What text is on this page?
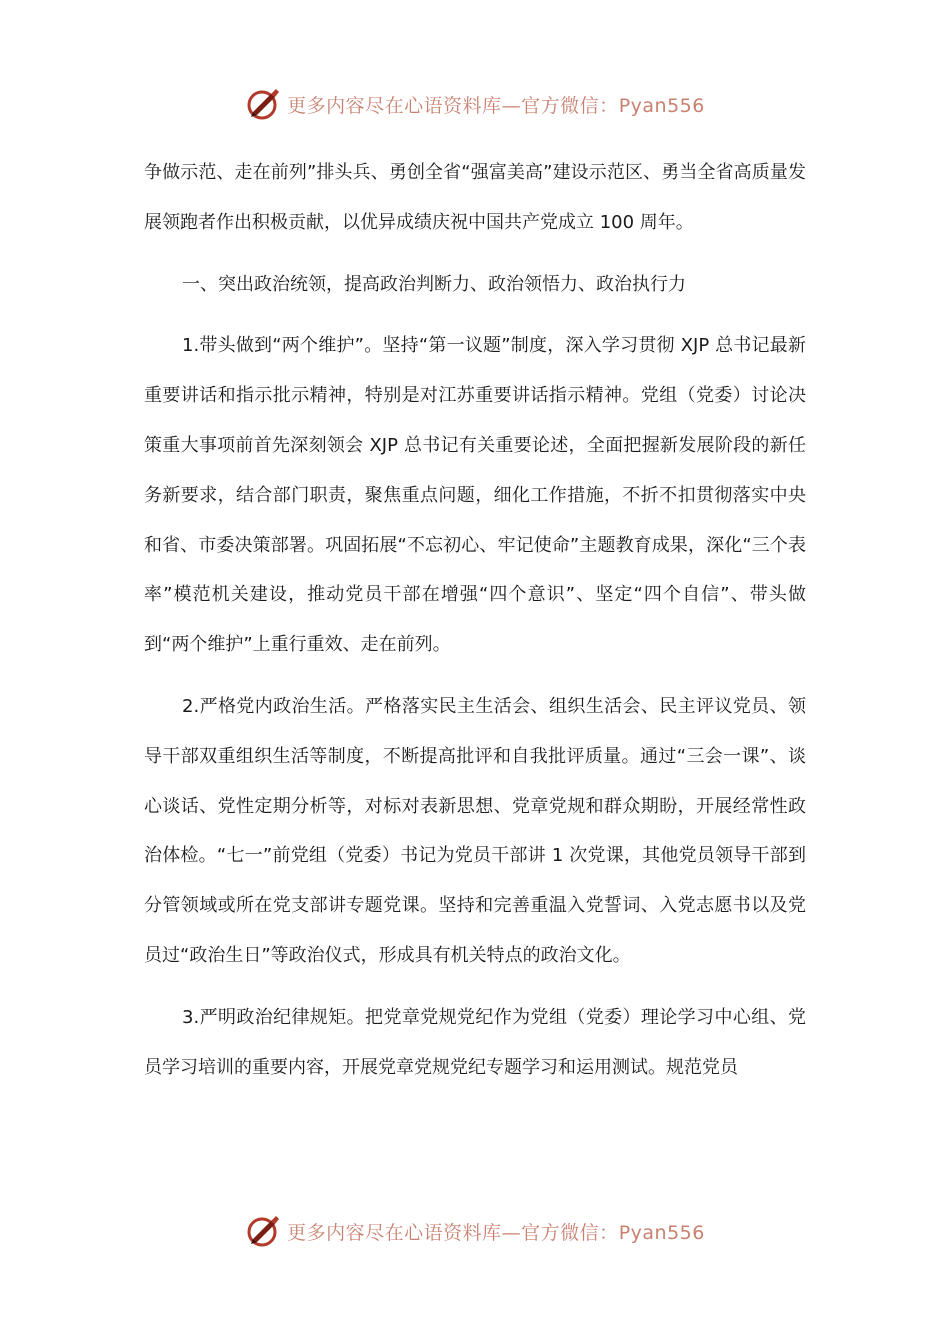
更多内容尽在心语资料库—官方微信：Pyan556

争做示范、走在前列”排头兵、勇创全省“强富美高”建设示范区、勇当全省高质量发展领跑者作出积极贡献，以优异成绩庆祝中国共产党成立 100 周年。

一、突出政治统领，提高政治判断力、政治领悟力、政治执行力

1.带头做到“两个维护”。坚持“第一议题”制度，深入学习贯彻 XJP 总书记最新重要讲话和指示批示精神，特别是对江苏重要讲话指示精神。党组（党委）讨论决策重大事项前首先深刻领会 XJP 总书记有关重要论述，全面把握新发展阶段的新任务新要求，结合部门职责，聚焦重点问题，细化工作措施，不折不扣贯彻落实中央和省、市委决策部署。巩固拓展“不忘初心、牢记使命”主题教育成果，深化“三个表率”模范机关建设，推动党员干部在增强“四个意识”、坚定“四个自信”、带头做到“两个维护”上重行重效、走在前列。

2.严格党内政治生活。严格落实民主生活会、组织生活会、民主评议党员、领导干部双重组织生活等制度，不断提高批评和自我批评质量。通过“三会一课”、谈心谈话、党性定期分析等，对标对表新思想、党章党规和群众期盼，开展经常性政治体检。“七一”前党组（党委）书记为党员干部讲 1 次党课，其他党员领导干部到分管领域或所在党支部讲专题党课。坚持和完善重温入党誓词、入党志愿书以及党员过“政治生日”等政治仪式，形成具有机关特点的政治文化。

3.严明政治纪律规矩。把党章党规党纪作为党组（党委）理论学习中心组、党员学习培训的重要内容，开展党章党规党纪专题学习和运用测试。规范党员

更多内容尽在心语资料库—官方微信：Pyan556
